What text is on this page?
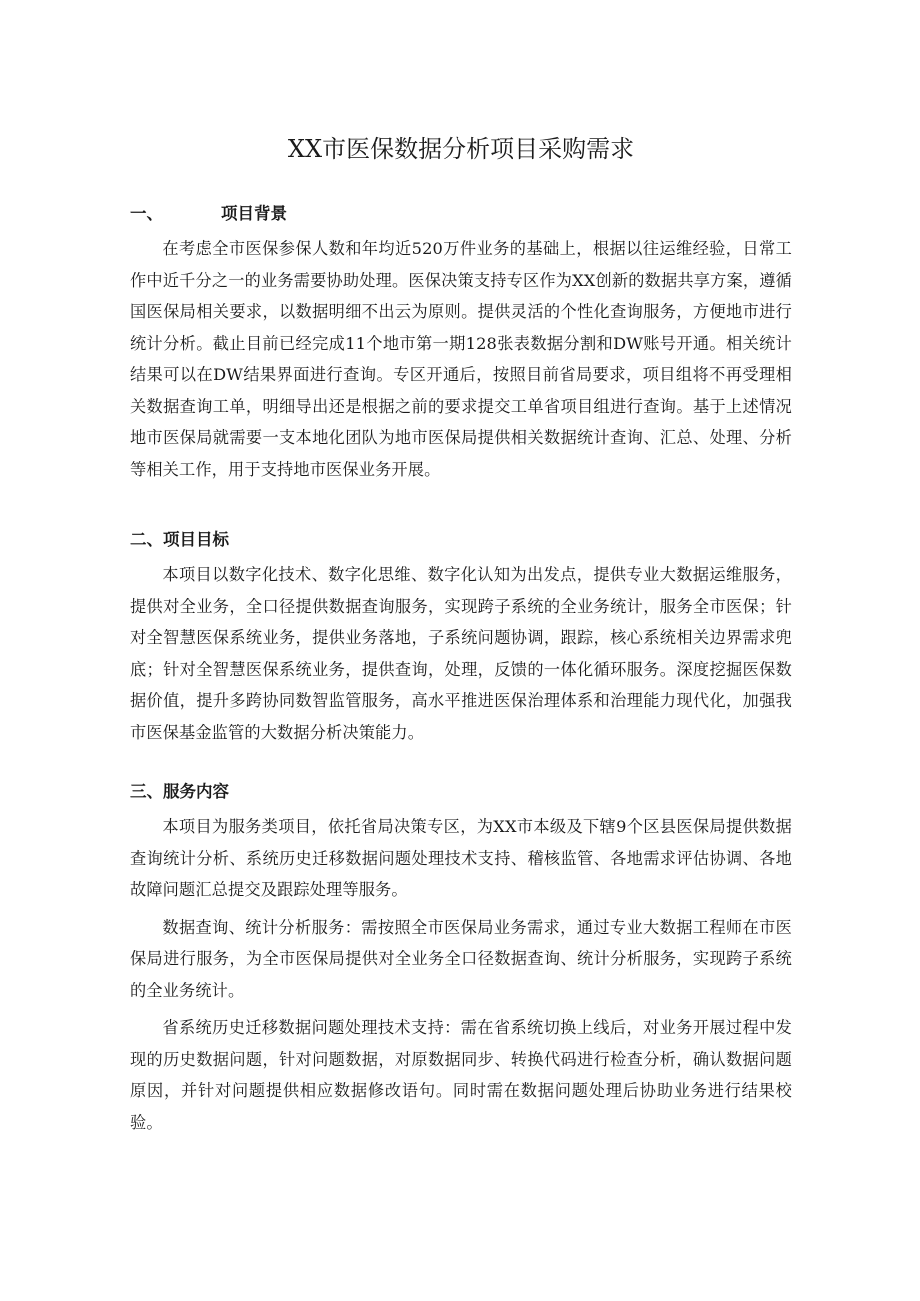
XX市医保数据分析项目采购需求

一、	项目背景

在考虑全市医保参保人数和年均近520万件业务的基础上，根据以往运维经验，日常工作中近千分之一的业务需要协助处理。医保决策支持专区作为XX创新的数据共享方案，遵循国医保局相关要求，以数据明细不出云为原则。提供灵活的个性化查询服务，方便地市进行统计分析。截止目前已经完成11个地市第一期128张表数据分割和DW账号开通。相关统计结果可以在DW结果界面进行查询。专区开通后，按照目前省局要求，项目组将不再受理相关数据查询工单，明细导出还是根据之前的要求提交工单省项目组进行查询。基于上述情况地市医保局就需要一支本地化团队为地市医保局提供相关数据统计查询、汇总、处理、分析等相关工作，用于支持地市医保业务开展。

二、项目目标

本项目以数字化技术、数字化思维、数字化认知为出发点，提供专业大数据运维服务，提供对全业务，全口径提供数据查询服务，实现跨子系统的全业务统计，服务全市医保；针对全智慧医保系统业务，提供业务落地，子系统问题协调，跟踪，核心系统相关边界需求兜底；针对全智慧医保系统业务，提供查询，处理，反馈的一体化循环服务。深度挖掘医保数据价值，提升多跨协同数智监管服务，高水平推进医保治理体系和治理能力现代化，加强我市医保基金监管的大数据分析决策能力。

三、服务内容

本项目为服务类项目，依托省局决策专区，为XX市本级及下辖9个区县医保局提供数据查询统计分析、系统历史迁移数据问题处理技术支持、稽核监管、各地需求评估协调、各地故障问题汇总提交及跟踪处理等服务。

数据查询、统计分析服务：需按照全市医保局业务需求，通过专业大数据工程师在市医保局进行服务，为全市医保局提供对全业务全口径数据查询、统计分析服务，实现跨子系统的全业务统计。

省系统历史迁移数据问题处理技术支持：需在省系统切换上线后，对业务开展过程中发现的历史数据问题，针对问题数据，对原数据同步、转换代码进行检查分析，确认数据问题原因，并针对问题提供相应数据修改语句。同时需在数据问题处理后协助业务进行结果校验。
